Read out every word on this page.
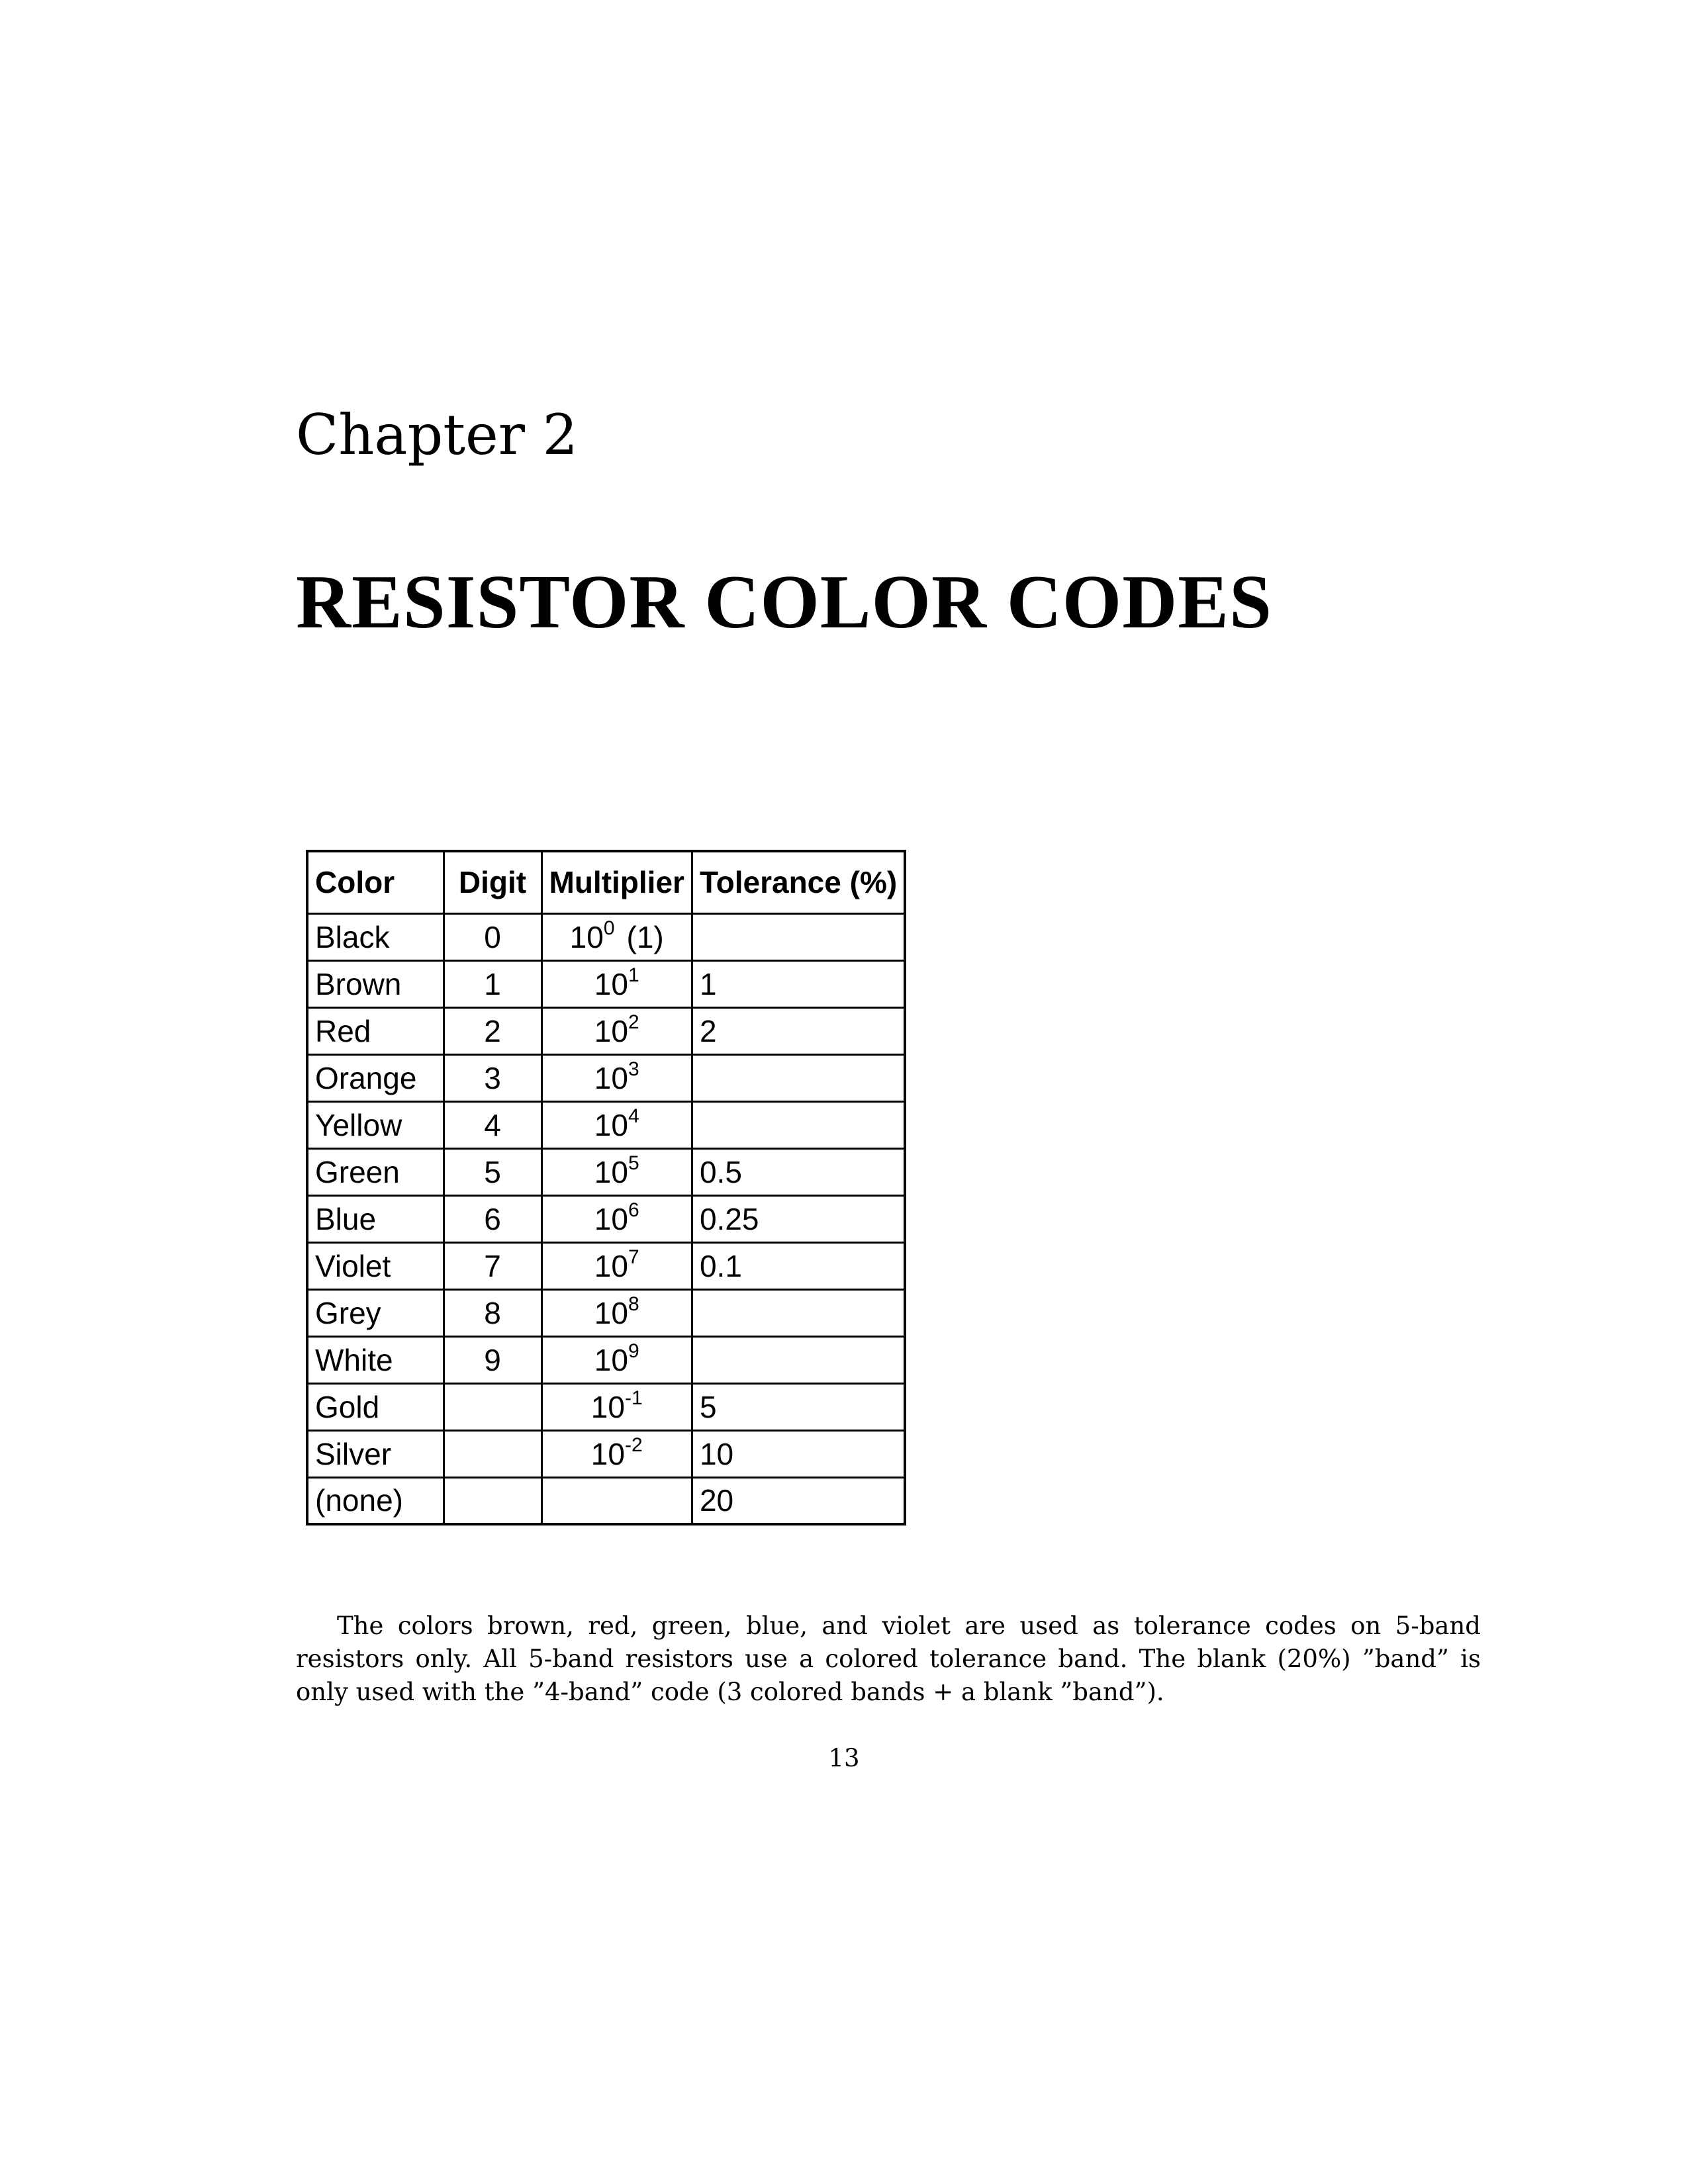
Chapter 2
RESISTOR COLOR CODES
Color	Digit	Multiplier	Tolerance (%)
Black	0	$10^0$ (1)	
Brown	1	$10^1$	1
Red	2	$10^2$	2
Orange	3	$10^3$	
Yellow	4	$10^4$	
Green	5	$10^5$	0.5
Blue	6	$10^6$	0.25
Violet	7	$10^7$	0.1
Grey	8	$10^8$	
White	9	$10^9$	
Gold		$10^{-1}$	5
Silver		$10^{-2}$	10
(none)			20

The colors brown, red, green, blue, and violet are used as tolerance codes on 5-band resistors only. All 5-band resistors use a colored tolerance band. The blank (20%) ”band” is only used with the ”4-band” code (3 colored bands + a blank ”band”).

13
